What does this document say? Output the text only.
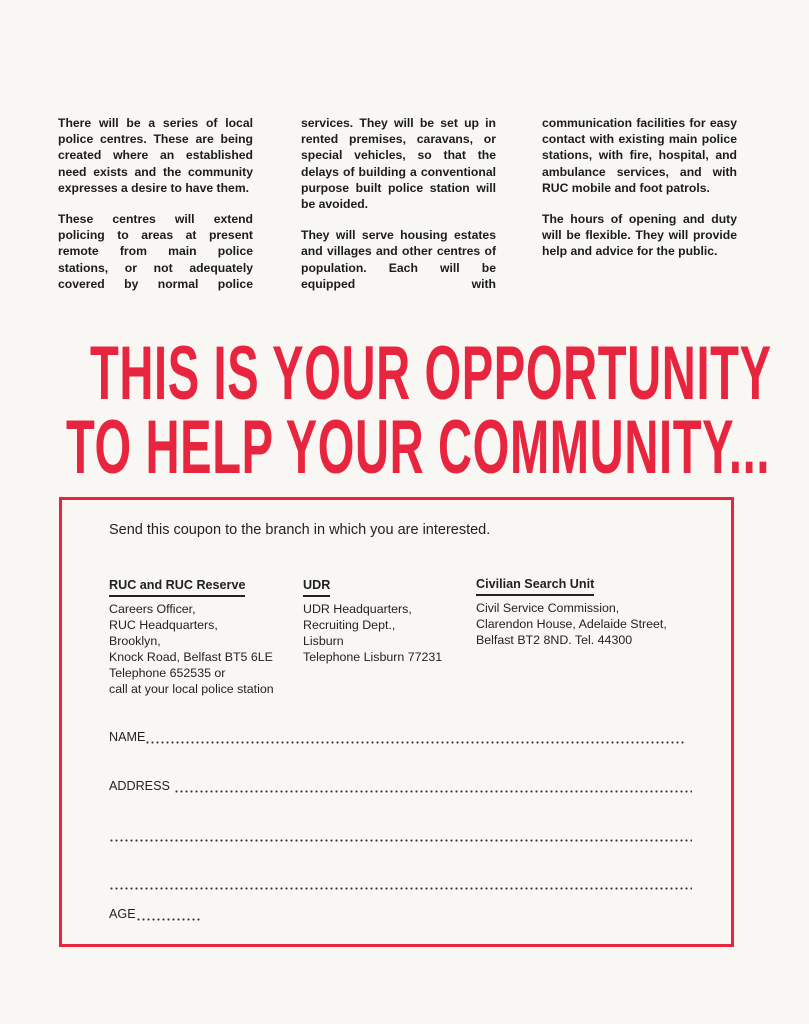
There will be a series of local police centres. These are being created where an established need exists and the community expresses a desire to have them.

These centres will extend policing to areas at present remote from main police stations, or not adequately covered by normal police

services. They will be set up in rented premises, caravans, or special vehicles, so that the delays of building a conventional purpose built police station will be avoided.

They will serve housing estates and villages and other centres of population. Each will be equipped with

communication facilities for easy contact with existing main police stations, with fire, hospital, and ambulance services, and with RUC mobile and foot patrols.

The hours of opening and duty will be flexible. They will provide help and advice for the public.

THIS IS YOUR OPPORTUNITY
TO HELP YOUR COMMUNITY...
Send this coupon to the branch in which you are interested.
RUC and RUC Reserve
Careers Officer,
RUC Headquarters,
Brooklyn,
Knock Road, Belfast BT5 6LE
Telephone 652535 or
call at your local police station
UDR
UDR Headquarters,
Recruiting Dept.,
Lisburn
Telephone Lisburn 77231
Civilian Search Unit
Civil Service Commission,
Clarendon House, Adelaide Street,
Belfast BT2 8ND. Tel. 44300
NAME
ADDRESS
AGE
